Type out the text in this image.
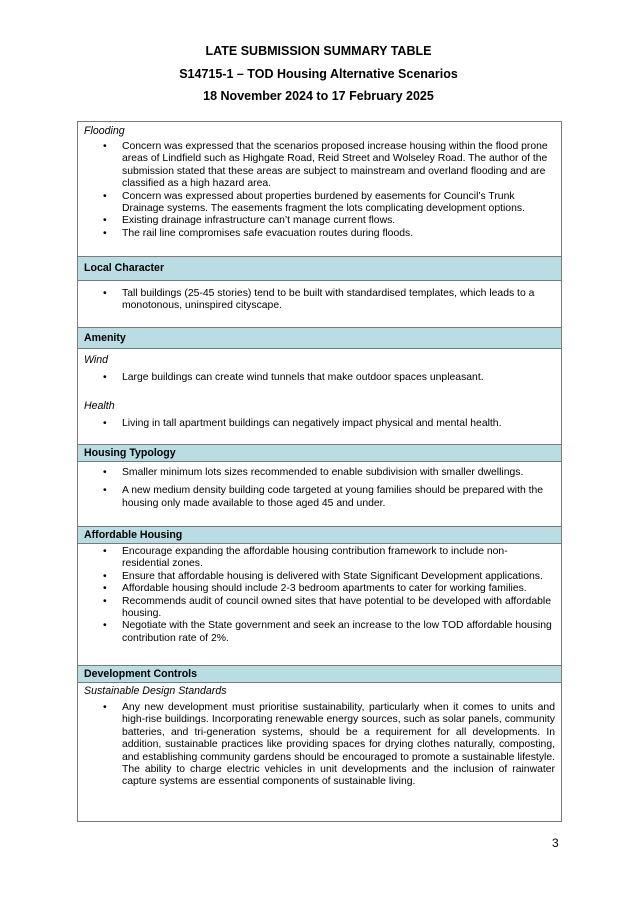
LATE SUBMISSION SUMMARY TABLE
S14715-1 – TOD Housing Alternative Scenarios
18 November 2024 to 17 February 2025
Flooding
• Concern was expressed that the scenarios proposed increase housing within the flood prone areas of Lindfield such as Highgate Road, Reid Street and Wolseley Road. The author of the submission stated that these areas are subject to mainstream and overland flooding and are classified as a high hazard area.
• Concern was expressed about properties burdened by easements for Council’s Trunk Drainage systems. The easements fragment the lots complicating development options.
• Existing drainage infrastructure can’t manage current flows.
• The rail line compromises safe evacuation routes during floods.
Local Character
• Tall buildings (25-45 stories) tend to be built with standardised templates, which leads to a monotonous, uninspired cityscape.
Amenity
Wind
• Large buildings can create wind tunnels that make outdoor spaces unpleasant.
Health
• Living in tall apartment buildings can negatively impact physical and mental health.
Housing Typology
• Smaller minimum lots sizes recommended to enable subdivision with smaller dwellings.
• A new medium density building code targeted at young families should be prepared with the housing only made available to those aged 45 and under.
Affordable Housing
• Encourage expanding the affordable housing contribution framework to include non-residential zones.
• Ensure that affordable housing is delivered with State Significant Development applications.
• Affordable housing should include 2-3 bedroom apartments to cater for working families.
• Recommends audit of council owned sites that have potential to be developed with affordable housing.
• Negotiate with the State government and seek an increase to the low TOD affordable housing contribution rate of 2%.
Development Controls
Sustainable Design Standards
• Any new development must prioritise sustainability, particularly when it comes to units and high-rise buildings. Incorporating renewable energy sources, such as solar panels, community batteries, and tri-generation systems, should be a requirement for all developments. In addition, sustainable practices like providing spaces for drying clothes naturally, composting, and establishing community gardens should be encouraged to promote a sustainable lifestyle. The ability to charge electric vehicles in unit developments and the inclusion of rainwater capture systems are essential components of sustainable living.
3
